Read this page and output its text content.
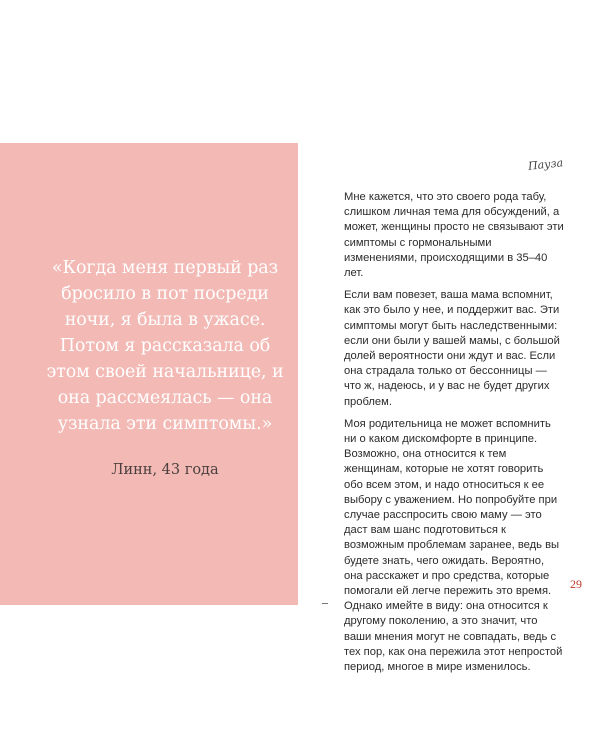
«Когда меня первый раз бросило в пот посреди ночи, я была в ужасе. Потом я рассказала об этом своей начальнице, и она рассмеялась — она узнала эти симптомы.»
Линн, 43 года
Пауза

Мне кажется, что это своего рода табу, слишком личная тема для обсуждений, а может, женщины просто не связывают эти симптомы с гормональными изменениями, происходящими в 35–40 лет.

Если вам повезет, ваша мама вспомнит, как это было у нее, и поддержит вас. Эти симптомы могут быть наследственными: если они были у вашей мамы, с большой долей вероятности они ждут и вас. Если она страдала только от бессонницы — что ж, надеюсь, и у вас не будет других проблем.

Моя родительница не может вспомнить ни о каком дискомфорте в принципе. Возможно, она относится к тем женщинам, которые не хотят говорить обо всем этом, и надо относиться к ее выбору с уважением. Но попробуйте при случае расспросить свою маму — это даст вам шанс подготовиться к возможным проблемам заранее, ведь вы будете знать, чего ожидать. Вероятно, она расскажет и про средства, которые помогали ей легче пережить это время. Однако имейте в виду: она относится к другому поколению, а это значит, что ваши мнения могут не совпадать, ведь с тех пор, как она пережила этот непростой период, многое в мире изменилось.

29
